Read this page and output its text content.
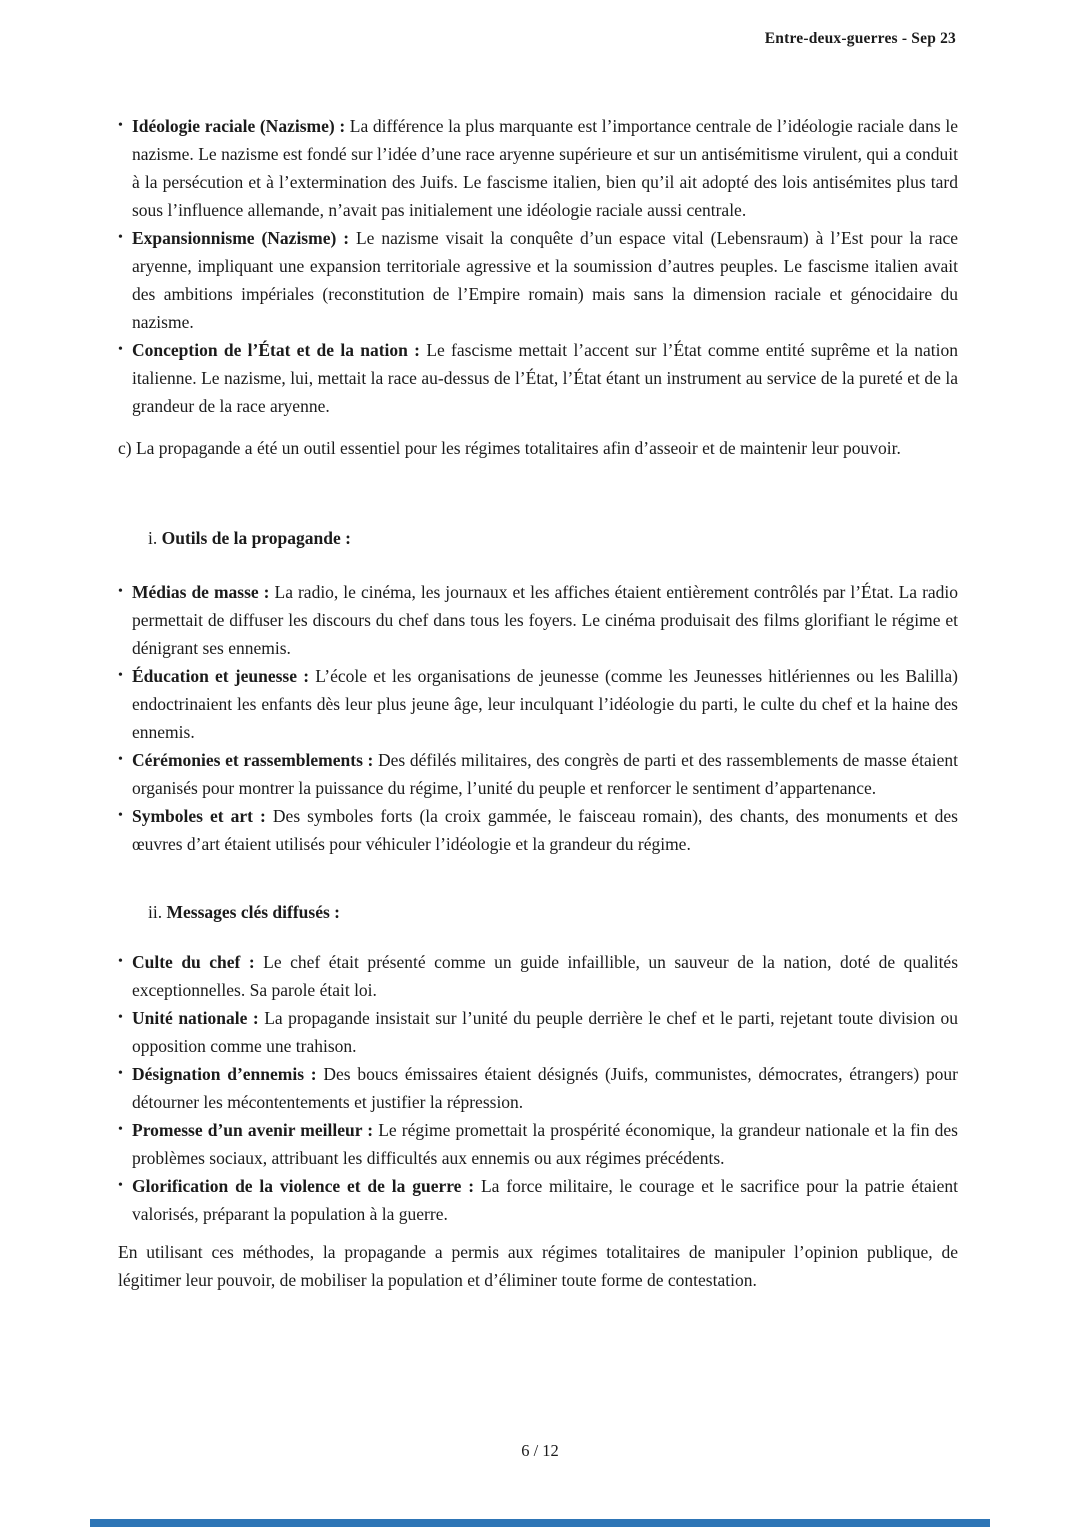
Entre-deux-guerres - Sep 23
• Idéologie raciale (Nazisme) : La différence la plus marquante est l’importance centrale de l’idéologie raciale dans le nazisme. Le nazisme est fondé sur l’idée d’une race aryenne supérieure et sur un antisémitisme virulent, qui a conduit à la persécution et à l’extermination des Juifs. Le fascisme italien, bien qu’il ait adopté des lois antisémites plus tard sous l’influence allemande, n’avait pas initialement une idéologie raciale aussi centrale.
• Expansionnisme (Nazisme) : Le nazisme visait la conquête d’un espace vital (Lebensraum) à l’Est pour la race aryenne, impliquant une expansion territoriale agressive et la soumission d’autres peuples. Le fascisme italien avait des ambitions impériales (reconstitution de l’Empire romain) mais sans la dimension raciale et génocidaire du nazisme.
• Conception de l’État et de la nation : Le fascisme mettait l’accent sur l’État comme entité suprême et la nation italienne. Le nazisme, lui, mettait la race au-dessus de l’État, l’État étant un instrument au service de la pureté et de la grandeur de la race aryenne.

c) La propagande a été un outil essentiel pour les régimes totalitaires afin d’asseoir et de maintenir leur pouvoir.

i. Outils de la propagande :
• Médias de masse : La radio, le cinéma, les journaux et les affiches étaient entièrement contrôlés par l’État. La radio permettait de diffuser les discours du chef dans tous les foyers. Le cinéma produisait des films glorifiant le régime et dénigrant ses ennemis.
• Éducation et jeunesse : L’école et les organisations de jeunesse (comme les Jeunesses hitlériennes ou les Balilla) endoctrinaient les enfants dès leur plus jeune âge, leur inculquant l’idéologie du parti, le culte du chef et la haine des ennemis.
• Cérémonies et rassemblements : Des défilés militaires, des congrès de parti et des rassemblements de masse étaient organisés pour montrer la puissance du régime, l’unité du peuple et renforcer le sentiment d’appartenance.
• Symboles et art : Des symboles forts (la croix gammée, le faisceau romain), des chants, des monuments et des œuvres d’art étaient utilisés pour véhiculer l’idéologie et la grandeur du régime.
ii. Messages clés diffusés :
• Culte du chef : Le chef était présenté comme un guide infaillible, un sauveur de la nation, doté de qualités exceptionnelles. Sa parole était loi.
• Unité nationale : La propagande insistait sur l’unité du peuple derrière le chef et le parti, rejetant toute division ou opposition comme une trahison.
• Désignation d’ennemis : Des boucs émissaires étaient désignés (Juifs, communistes, démocrates, étrangers) pour détourner les mécontentements et justifier la répression.
• Promesse d’un avenir meilleur : Le régime promettait la prospérité économique, la grandeur nationale et la fin des problèmes sociaux, attribuant les difficultés aux ennemis ou aux régimes précédents.
• Glorification de la violence et de la guerre : La force militaire, le courage et le sacrifice pour la patrie étaient valorisés, préparant la population à la guerre.

En utilisant ces méthodes, la propagande a permis aux régimes totalitaires de manipuler l’opinion publique, de légitimer leur pouvoir, de mobiliser la population et d’éliminer toute forme de contestation.

6 / 12
